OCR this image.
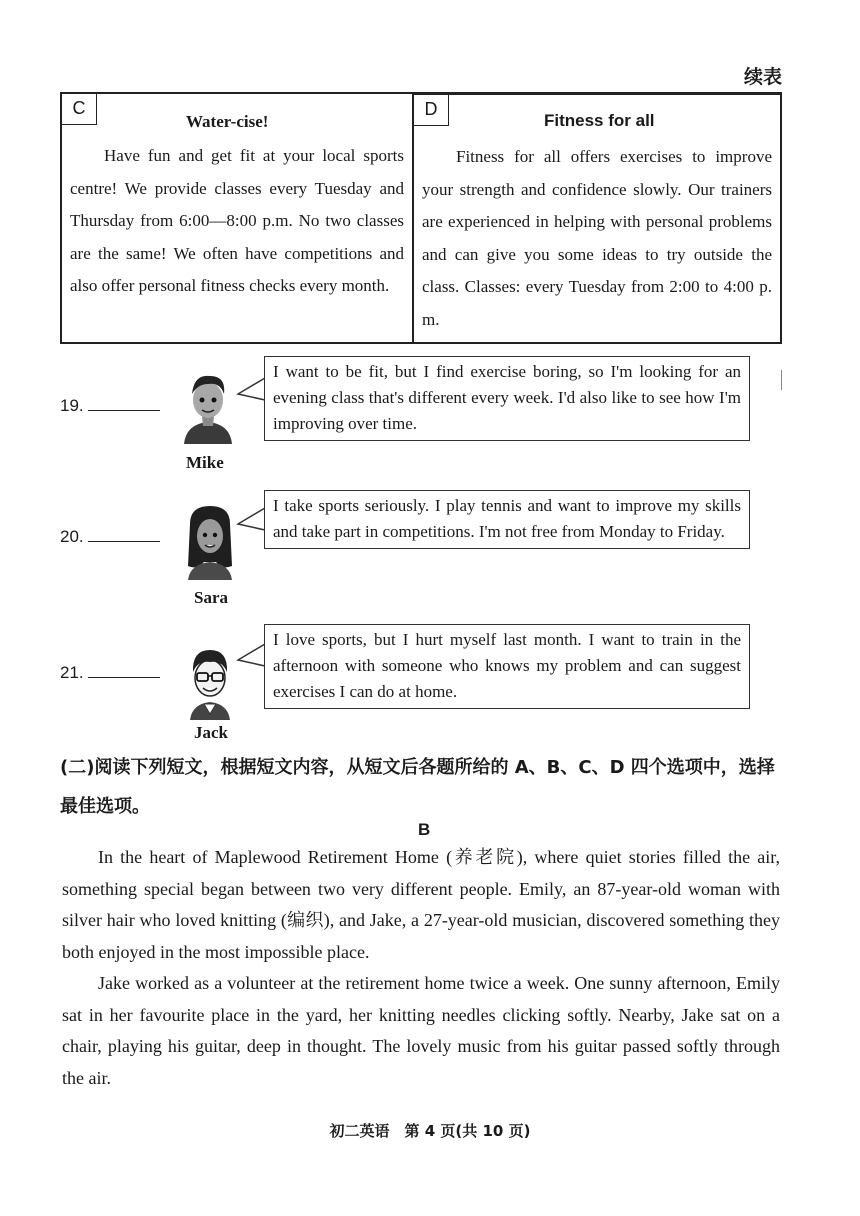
续表
C
Water-cise!

Have fun and get fit at your local sports centre! We provide classes every Tuesday and Thursday from 6:00—8:00 p.m. No two classes are the same! We often have competitions and also offer personal fitness checks every month.

D
Fitness for all

Fitness for all offers exercises to improve your strength and confidence slowly. Our trainers are experienced in helping with personal problems and can give you some ideas to try outside the class. Classes: every Tuesday from 2:00 to 4:00 p. m.

19.
Mike
I want to be fit, but I find exercise boring, so I'm looking for an evening class that's different every week. I'd also like to see how I'm improving over time.
20.
Sara
I take sports seriously. I play tennis and want to improve my skills and take part in competitions. I'm not free from Monday to Friday.
21.
Jack
I love sports, but I hurt myself last month. I want to train in the afternoon with someone who knows my problem and can suggest exercises I can do at home.
(二)阅读下列短文，根据短文内容，从短文后各题所给的 A、B、C、D 四个选项中，选择最佳选项。
B

In the heart of Maplewood Retirement Home (养老院), where quiet stories filled the air, something special began between two very different people. Emily, an 87-year-old woman with silver hair who loved knitting (编织), and Jake, a 27-year-old musician, discovered something they both enjoyed in the most impossible place.

Jake worked as a volunteer at the retirement home twice a week. One sunny afternoon, Emily sat in her favourite place in the yard, her knitting needles clicking softly. Nearby, Jake sat on a chair, playing his guitar, deep in thought. The lovely music from his guitar passed softly through the air.

初二英语　第 4 页(共 10 页)
